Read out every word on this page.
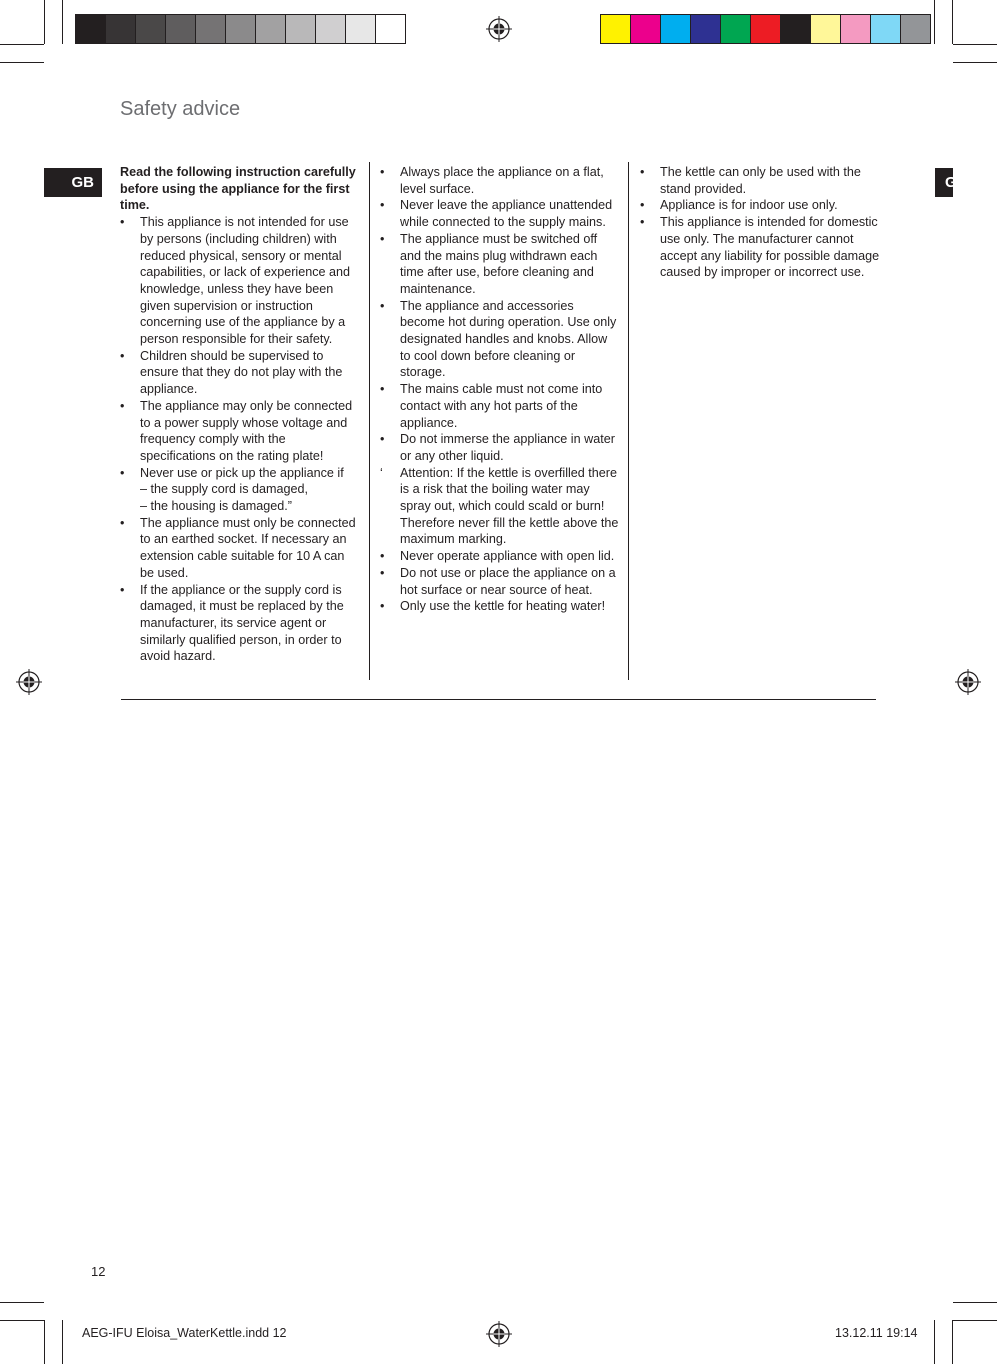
Safety advice
GB	G

Read the following instruction carefully before using the appliance for the first time.

• This appliance is not intended for use by persons (including children) with reduced physical, sensory or mental capabilities, or lack of experience and knowledge, unless they have been given supervision or instruction concerning use of the appliance by a person responsible for their safety.
• Children should be supervised to ensure that they do not play with the appliance.
• The appliance may only be connected to a power supply whose voltage and frequency comply with the specifications on the rating plate!
• Never use or pick up the appliance if
– the supply cord is damaged,
– the housing is damaged.”
• The appliance must only be connected to an earthed socket. If necessary an extension cable suitable for 10 A can be used.
• If the appliance or the supply cord is damaged, it must be replaced by the manufacturer, its service agent or similarly qualified person, in order to avoid hazard.
• Always place the appliance on a flat, level surface.
• Never leave the appliance unattended while connected to the supply mains.
• The appliance must be switched off and the mains plug withdrawn each time after use, before cleaning and maintenance.
• The appliance and accessories become hot during operation. Use only designated handles and knobs. Allow to cool down before cleaning or storage.
• The mains cable must not come into contact with any hot parts of the appliance.
• Do not immerse the appliance in water or any other liquid.
‘ Attention: If the kettle is overfilled there is a risk that the boiling water may spray out, which could scald or burn! Therefore never fill the kettle above the maximum marking.
• Never operate appliance with open lid.
• Do not use or place the appliance on a hot surface or near source of heat.
• Only use the kettle for heating water!
• The kettle can only be used with the stand provided.
• Appliance is for indoor use only.
• This appliance is intended for domestic use only. The manufacturer cannot accept any liability for possible damage caused by improper or incorrect use.
12
AEG-IFU Eloisa_WaterKettle.indd 12	13.12.11 19:14
